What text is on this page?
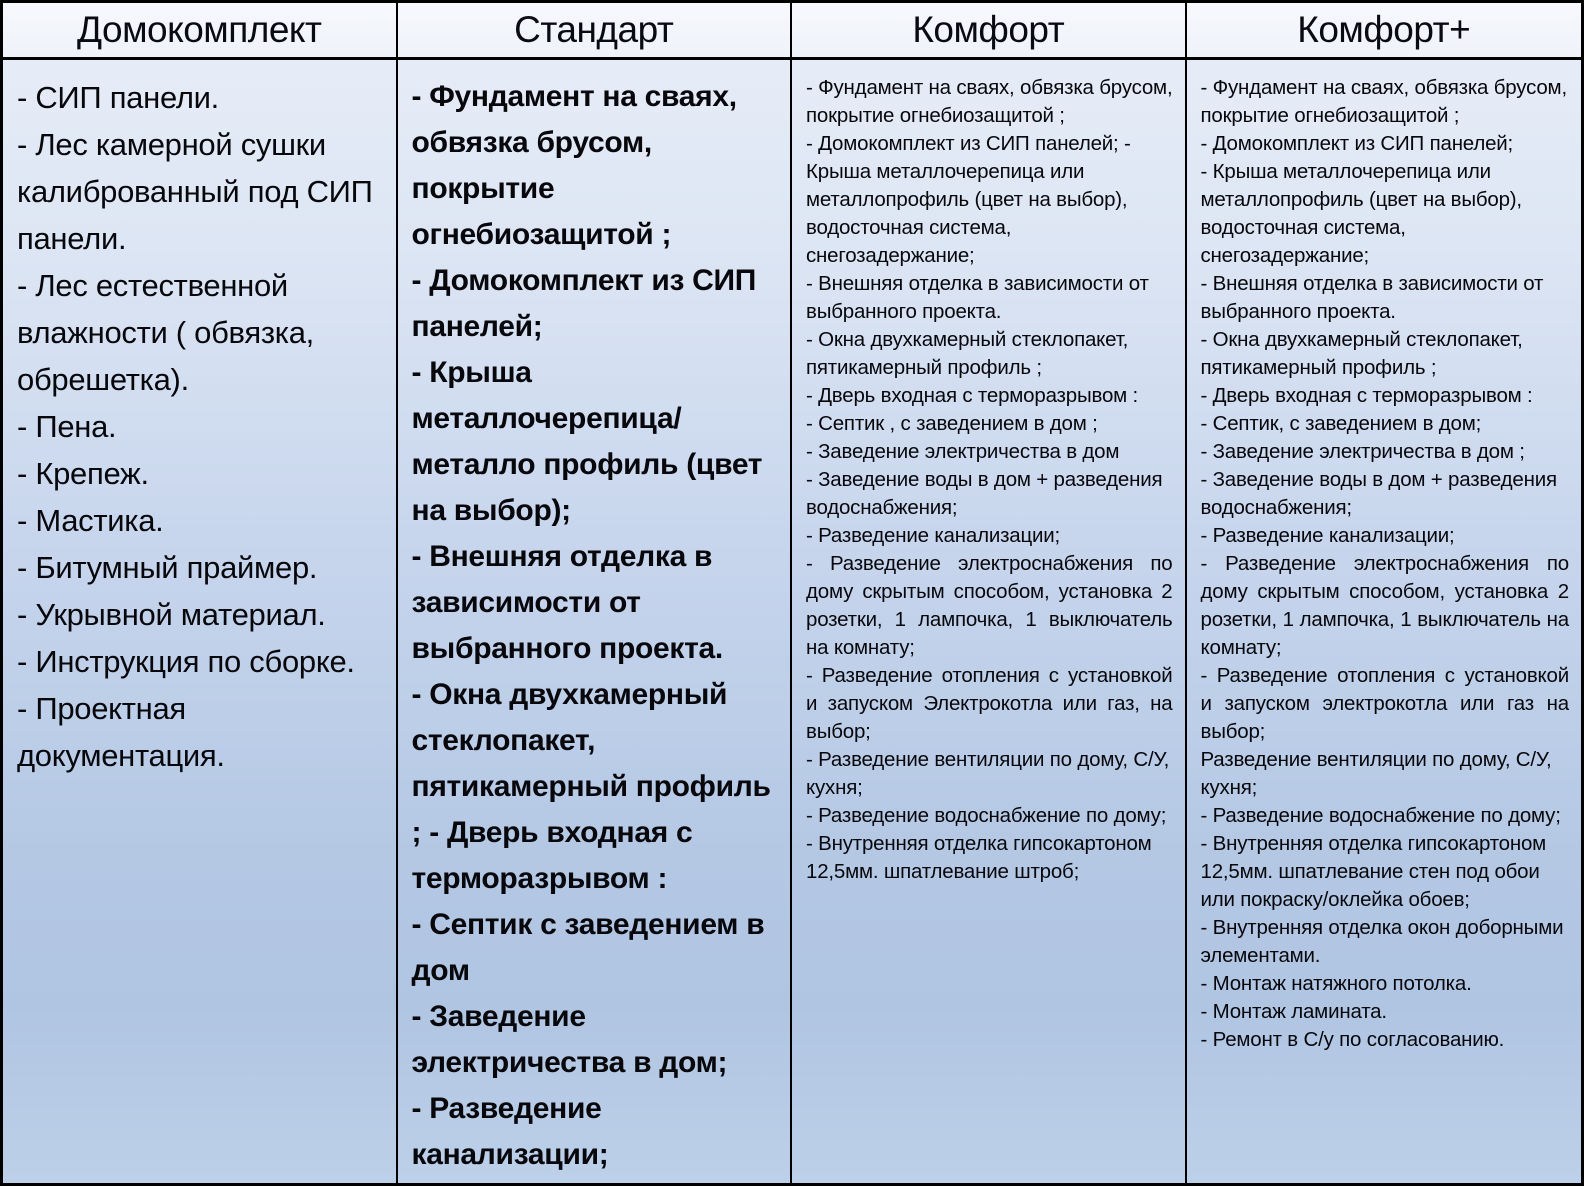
Домокомплект
- СИП панели.
- Лес камерной сушки калиброванный под СИП панели.
- Лес естественной влажности ( обвязка, обрешетка).
- Пена.
- Крепеж.
- Мастика.
- Битумный праймер.
- Укрывной материал.
- Инструкция по сборке.
- Проектная документация.
Стандарт
- Фундамент на сваях, обвязка брусом, покрытие огнебиозащитой ;
- Домокомплект из СИП панелей;
- Крыша металлочерепица/металло профиль (цвет на выбор);
- Внешняя отделка в зависимости от выбранного проекта.
- Окна двухкамерный стеклопакет, пятикамерный профиль ; - Дверь входная с терморазрывом :
- Септик с заведением в дом
- Заведение электричества в дом;
- Разведение канализации;
Комфорт
- Фундамент на сваях, обвязка брусом, покрытие огнебиозащитой ;
- Домокомплект из СИП панелей; - Крыша металлочерепица или металлопрофиль (цвет на выбор), водосточная система, снегозадержание;
- Внешняя отделка в зависимости от выбранного проекта.
- Окна двухкамерный стеклопакет, пятикамерный профиль ;
- Дверь входная с терморазрывом :
- Септик , с заведением в дом ;
- Заведение электричества в дом
- Заведение воды в дом + разведения водоснабжения;
- Разведение канализации;
- Разведение электроснабжения по дому скрытым способом, установка 2 розетки, 1 лампочка, 1 выключатель на комнату;
- Разведение отопления с установкой и запуском Электрокотла или газ, на выбор;
- Разведение вентиляции по дому, С/У, кухня;
- Разведение водоснабжение по дому;
- Внутренняя отделка гипсокартоном 12,5мм. шпатлевание штроб;
Комфорт+
- Фундамент на сваях, обвязка брусом, покрытие огнебиозащитой ;
- Домокомплект из СИП панелей;
- Крыша металлочерепица или металлопрофиль (цвет на выбор), водосточная система, снегозадержание;
- Внешняя отделка в зависимости от выбранного проекта.
- Окна двухкамерный стеклопакет, пятикамерный профиль ;
- Дверь входная с терморазрывом :
- Септик, с заведением в дом;
- Заведение электричества в дом ;
- Заведение воды в дом + разведения водоснабжения;
- Разведение канализации;
- Разведение электроснабжения по дому скрытым способом, установка 2 розетки, 1 лампочка, 1 выключатель на комнату;
- Разведение отопления с установкой и запуском электрокотла или газ на выбор;
Разведение вентиляции по дому, С/У, кухня;
- Разведение водоснабжение по дому; - Внутренняя отделка гипсокартоном 12,5мм. шпатлевание стен под обои или покраску/оклейка обоев;
- Внутренняя отделка окон доборными элементами.
- Монтаж натяжного потолка.
- Монтаж ламината.
- Ремонт в С/у по согласованию.
